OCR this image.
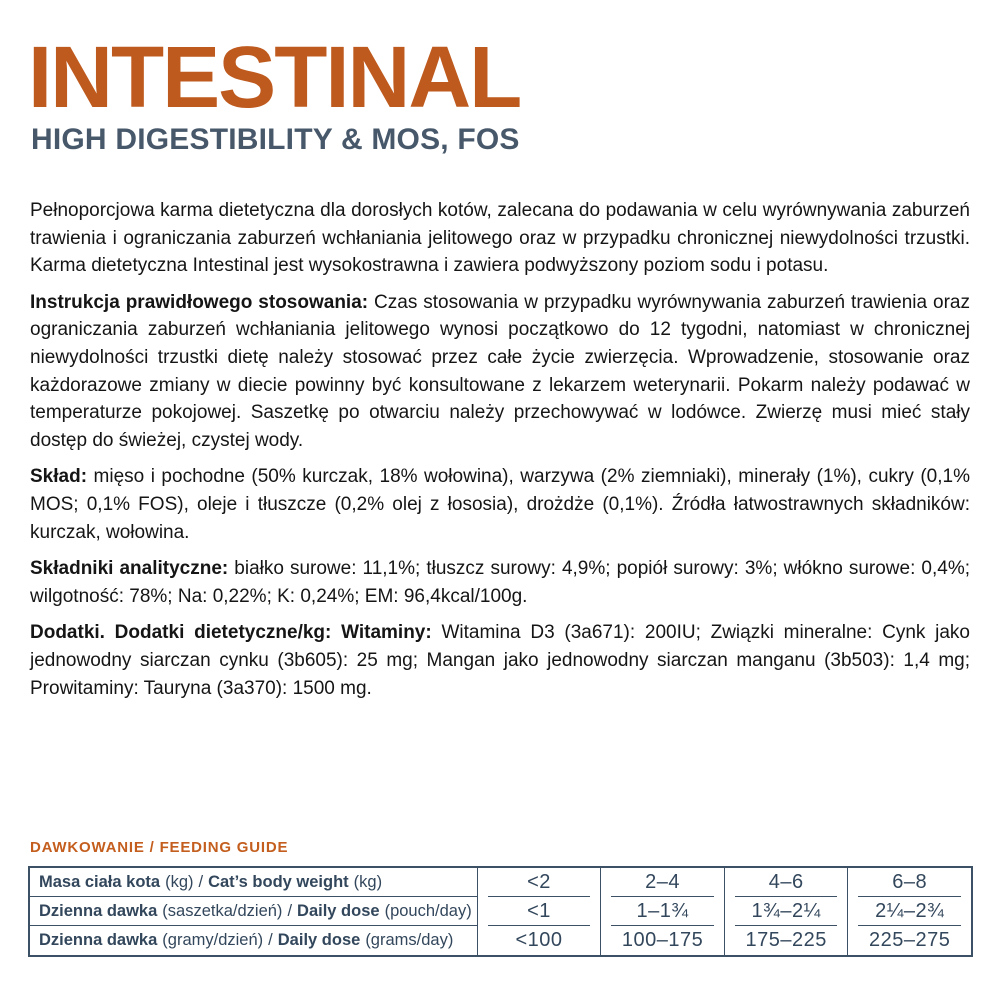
INTESTINAL
HIGH DIGESTIBILITY & MOS, FOS

Pełnoporcjowa karma dietetyczna dla dorosłych kotów, zalecana do podawania w celu wyrównywania zaburzeń trawienia i ograniczania zaburzeń wchłaniania jelitowego oraz w przypadku chronicznej niewydolności trzustki. Karma dietetyczna Intestinal jest wysokostrawna i zawiera podwyższony poziom sodu i potasu.

Instrukcja prawidłowego stosowania: Czas stosowania w przypadku wyrównywania zaburzeń trawienia oraz ograniczania zaburzeń wchłaniania jelitowego wynosi początkowo do 12 tygodni, natomiast w chronicznej niewydolności trzustki dietę należy stosować przez całe życie zwierzęcia. Wprowadzenie, stosowanie oraz każdorazowe zmiany w diecie powinny być konsultowane z lekarzem weterynarii. Pokarm należy podawać w temperaturze pokojowej. Saszetkę po otwarciu należy przechowywać w lodówce. Zwierzę musi mieć stały dostęp do świeżej, czystej wody.

Skład: mięso i pochodne (50% kurczak, 18% wołowina), warzywa (2% ziemniaki), minerały (1%), cukry (0,1% MOS; 0,1% FOS), oleje i tłuszcze (0,2% olej z łososia), drożdże (0,1%). Źródła łatwostrawnych składników: kurczak, wołowina.

Składniki analityczne: białko surowe: 11,1%; tłuszcz surowy: 4,9%; popiół surowy: 3%; włókno surowe: 0,4%; wilgotność: 78%; Na: 0,22%; K: 0,24%; EM: 96,4kcal/100g.

Dodatki. Dodatki dietetyczne/kg: Witaminy: Witamina D3 (3a671): 200IU; Związki mineralne: Cynk jako jednowodny siarczan cynku (3b605): 25 mg; Mangan jako jednowodny siarczan manganu (3b503): 1,4 mg; Prowitaminy: Tauryna (3a370): 1500 mg.

DAWKOWANIE / FEEDING GUIDE
Masa ciała kota (kg) / Cat’s body weight (kg)	<2	2–4	4–6	6–8
Dzienna dawka (saszetka/dzień) / Daily dose (pouch/day)	<1	1–1¾	1¾–2¼	2¼–2¾
Dzienna dawka (gramy/dzień) / Daily dose (grams/day)	<100	100–175	175–225	225–275
